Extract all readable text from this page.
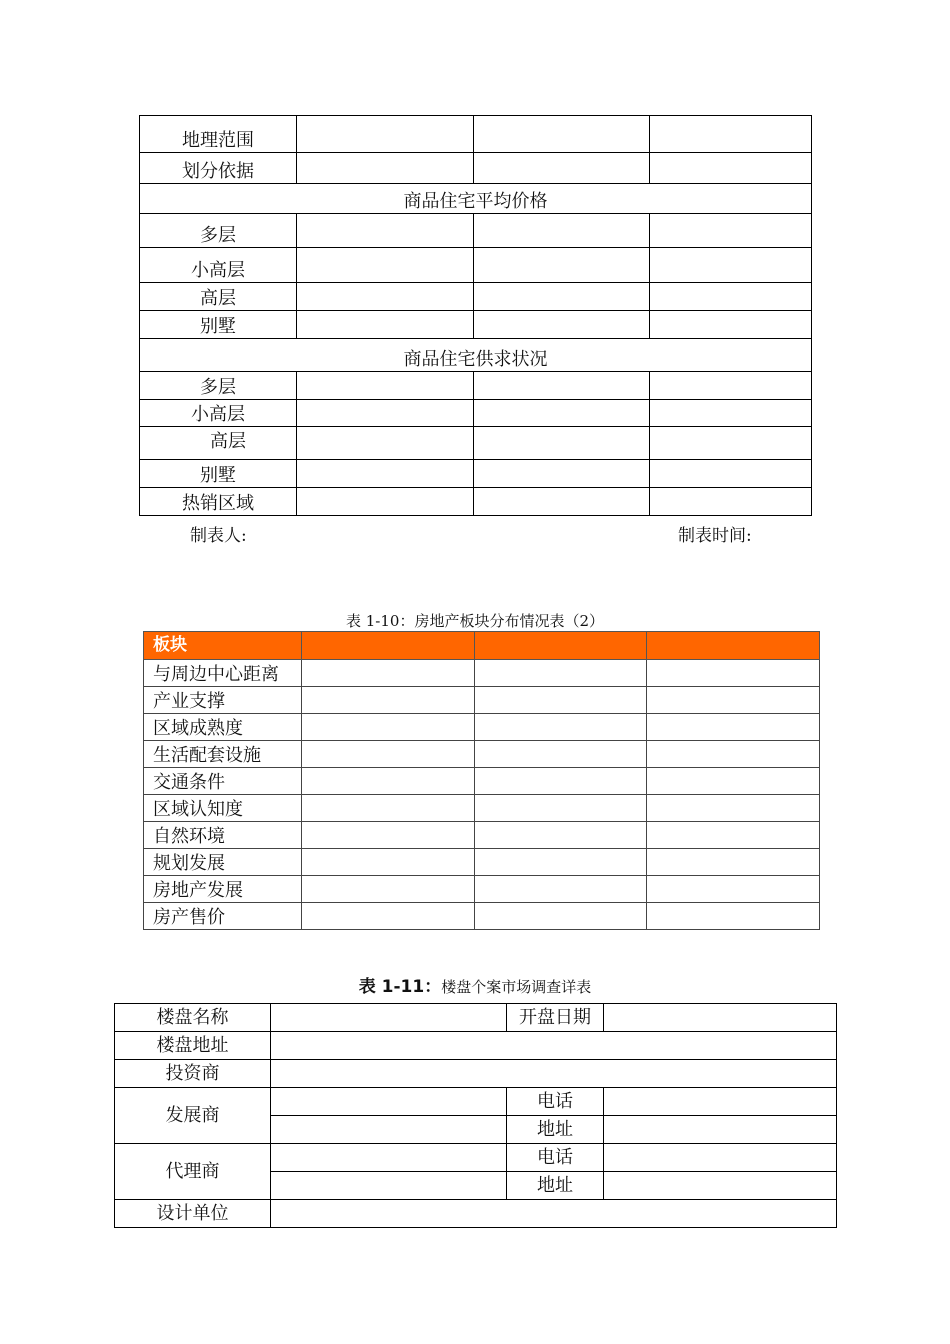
地理范围			
划分依据			
商品住宅平均价格			
多层			
小高层			
高层			
别墅			
商品住宅供求状况			
多层			
小高层			
高层			
别墅			
热销区域			
制表人:	制表时间:
表 1-10：房地产板块分布情况表（2）
板块			
与周边中心距离			
产业支撑			
区域成熟度			
生活配套设施			
交通条件			
区域认知度			
自然环境			
规划发展			
房地产发展			
房产售价			
表 1-11：楼盘个案市场调查详表
楼盘名称		开盘日期	
楼盘地址			
投资商			
发展商		电话	
		地址	
代理商		电话	
		地址	
设计单位			
